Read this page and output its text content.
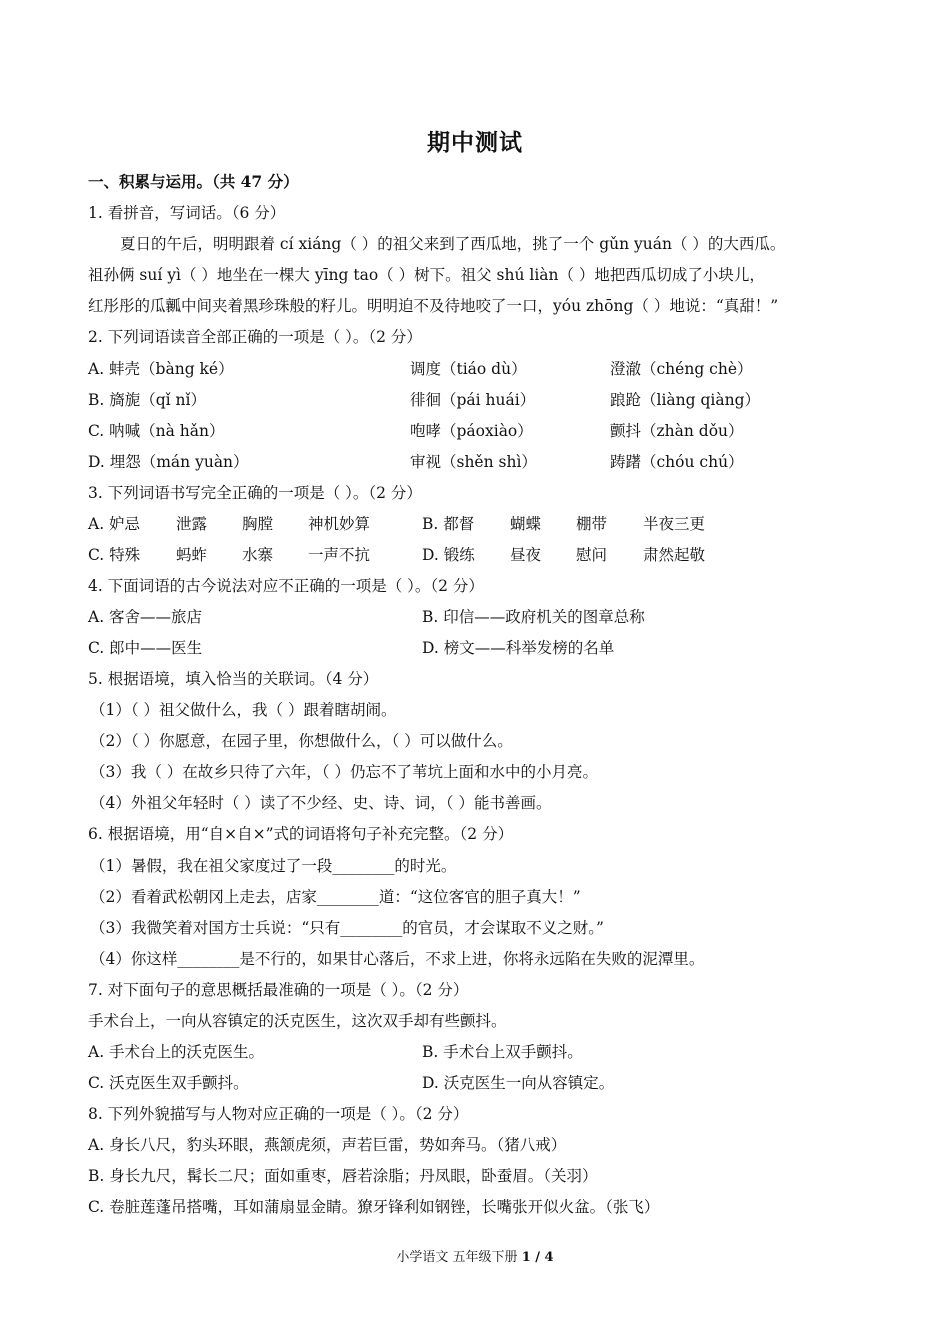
期中测试
一、积累与运用。（共 47 分）
1. 看拼音，写词话。（6 分）
夏日的午后，明明跟着 cí xiáng（ ）的祖父来到了西瓜地，挑了一个 gǔn yuán（ ）的大西瓜。
祖孙俩 suí yì（ ）地坐在一棵大 yīng tao（ ）树下。祖父 shú liàn（ ）地把西瓜切成了小块儿，
红彤彤的瓜瓤中间夹着黑珍珠般的籽儿。明明迫不及待地咬了一口，yóu zhōng（ ）地说：“真甜！”
2. 下列词语读音全部正确的一项是（ ）。（2 分）
A. 蚌壳（bàng ké）	调度（tiáo dù）	澄澈（chéng chè）
B. 旖旎（qǐ nǐ）	徘徊（pái huái）	踉跄（liàng qiàng）
C. 呐喊（nà hǎn）	咆哮（páoxiào）	颤抖（zhàn dǒu）
D. 埋怨（mán yuàn）	审视（shěn shì）	踌躇（chóu chú）
3. 下列词语书写完全正确的一项是（ ）。（2 分）
A. 妒忌 泄露 胸膛 神机妙算	B. 都督 蝴蝶 棚带 半夜三更
C. 特殊 蚂蚱 水寨 一声不抗	D. 锻练 昼夜 慰问 肃然起敬
4. 下面词语的古今说法对应不正确的一项是（ ）。（2 分）
A. 客舍——旅店	B. 印信——政府机关的图章总称
C. 郎中——医生	D. 榜文——科举发榜的名单
5. 根据语境，填入恰当的关联词。（4 分）
（1）（ ）祖父做什么，我（ ）跟着瞎胡闹。
（2）（ ）你愿意，在园子里，你想做什么，（ ）可以做什么。
（3）我（ ）在故乡只待了六年，（ ）仍忘不了苇坑上面和水中的小月亮。
（4）外祖父年轻时（ ）读了不少经、史、诗、词，（ ）能书善画。
6. 根据语境，用“自×自×”式的词语将句子补充完整。（2 分）
（1）暑假，我在祖父家度过了一段________的时光。
（2）看着武松朝冈上走去，店家________道：“这位客官的胆子真大！”
（3）我微笑着对国方士兵说：“只有________的官员，才会谋取不义之财。”
（4）你这样________是不行的，如果甘心落后，不求上进，你将永远陷在失败的泥潭里。
7. 对下面句子的意思概括最准确的一项是（ ）。（2 分）
手术台上，一向从容镇定的沃克医生，这次双手却有些颤抖。
A. 手术台上的沃克医生。	B. 手术台上双手颤抖。
C. 沃克医生双手颤抖。	D. 沃克医生一向从容镇定。
8. 下列外貌描写与人物对应正确的一项是（ ）。（2 分）
A. 身长八尺，豹头环眼，燕颔虎须，声若巨雷，势如奔马。（猪八戒）
B. 身长九尺，髯长二尺；面如重枣，唇若涂脂；丹凤眼，卧蚕眉。（关羽）
C. 卷脏莲蓬吊搭嘴，耳如蒲扇显金睛。獠牙锋利如钢锉，长嘴张开似火盆。（张飞）
小学语文 五年级下册 1 / 4
